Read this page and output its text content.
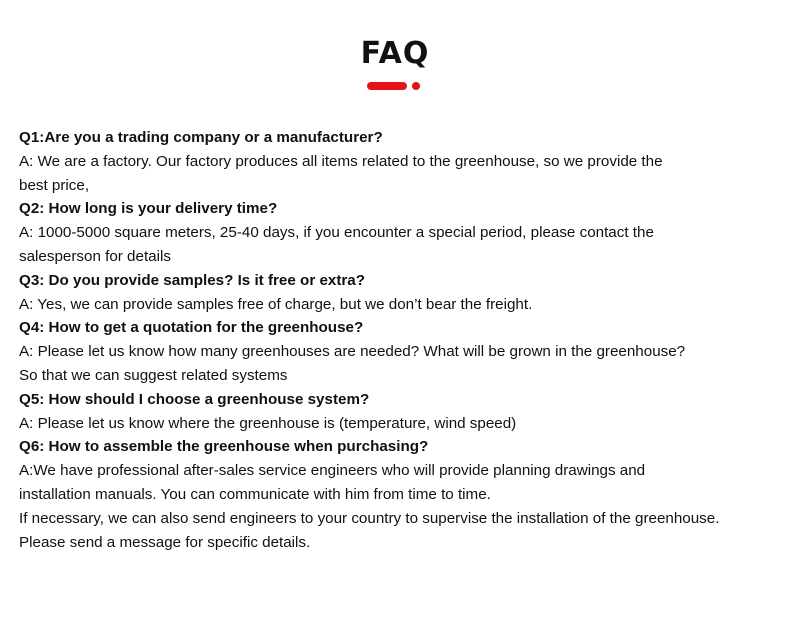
FAQ
Q1:Are you a trading company or a manufacturer?
A: We are a factory. Our factory produces all items related to the greenhouse, so we provide the
best price,
Q2: How long is your delivery time?
A: 1000-5000 square meters, 25-40 days, if you encounter a special period, please contact the
salesperson for details
Q3: Do you provide samples? Is it free or extra?
A: Yes, we can provide samples free of charge, but we don’t bear the freight.
Q4: How to get a quotation for the greenhouse?
A: Please let us know how many greenhouses are needed? What will be grown in the greenhouse?
So that we can suggest related systems
Q5: How should I choose a greenhouse system?
A: Please let us know where the greenhouse is (temperature, wind speed)
Q6: How to assemble the greenhouse when purchasing?
A:We have professional after-sales service engineers who will provide planning drawings and
installation manuals. You can communicate with him from time to time.
If necessary, we can also send engineers to your country to supervise the installation of the greenhouse.
Please send a message for specific details.
